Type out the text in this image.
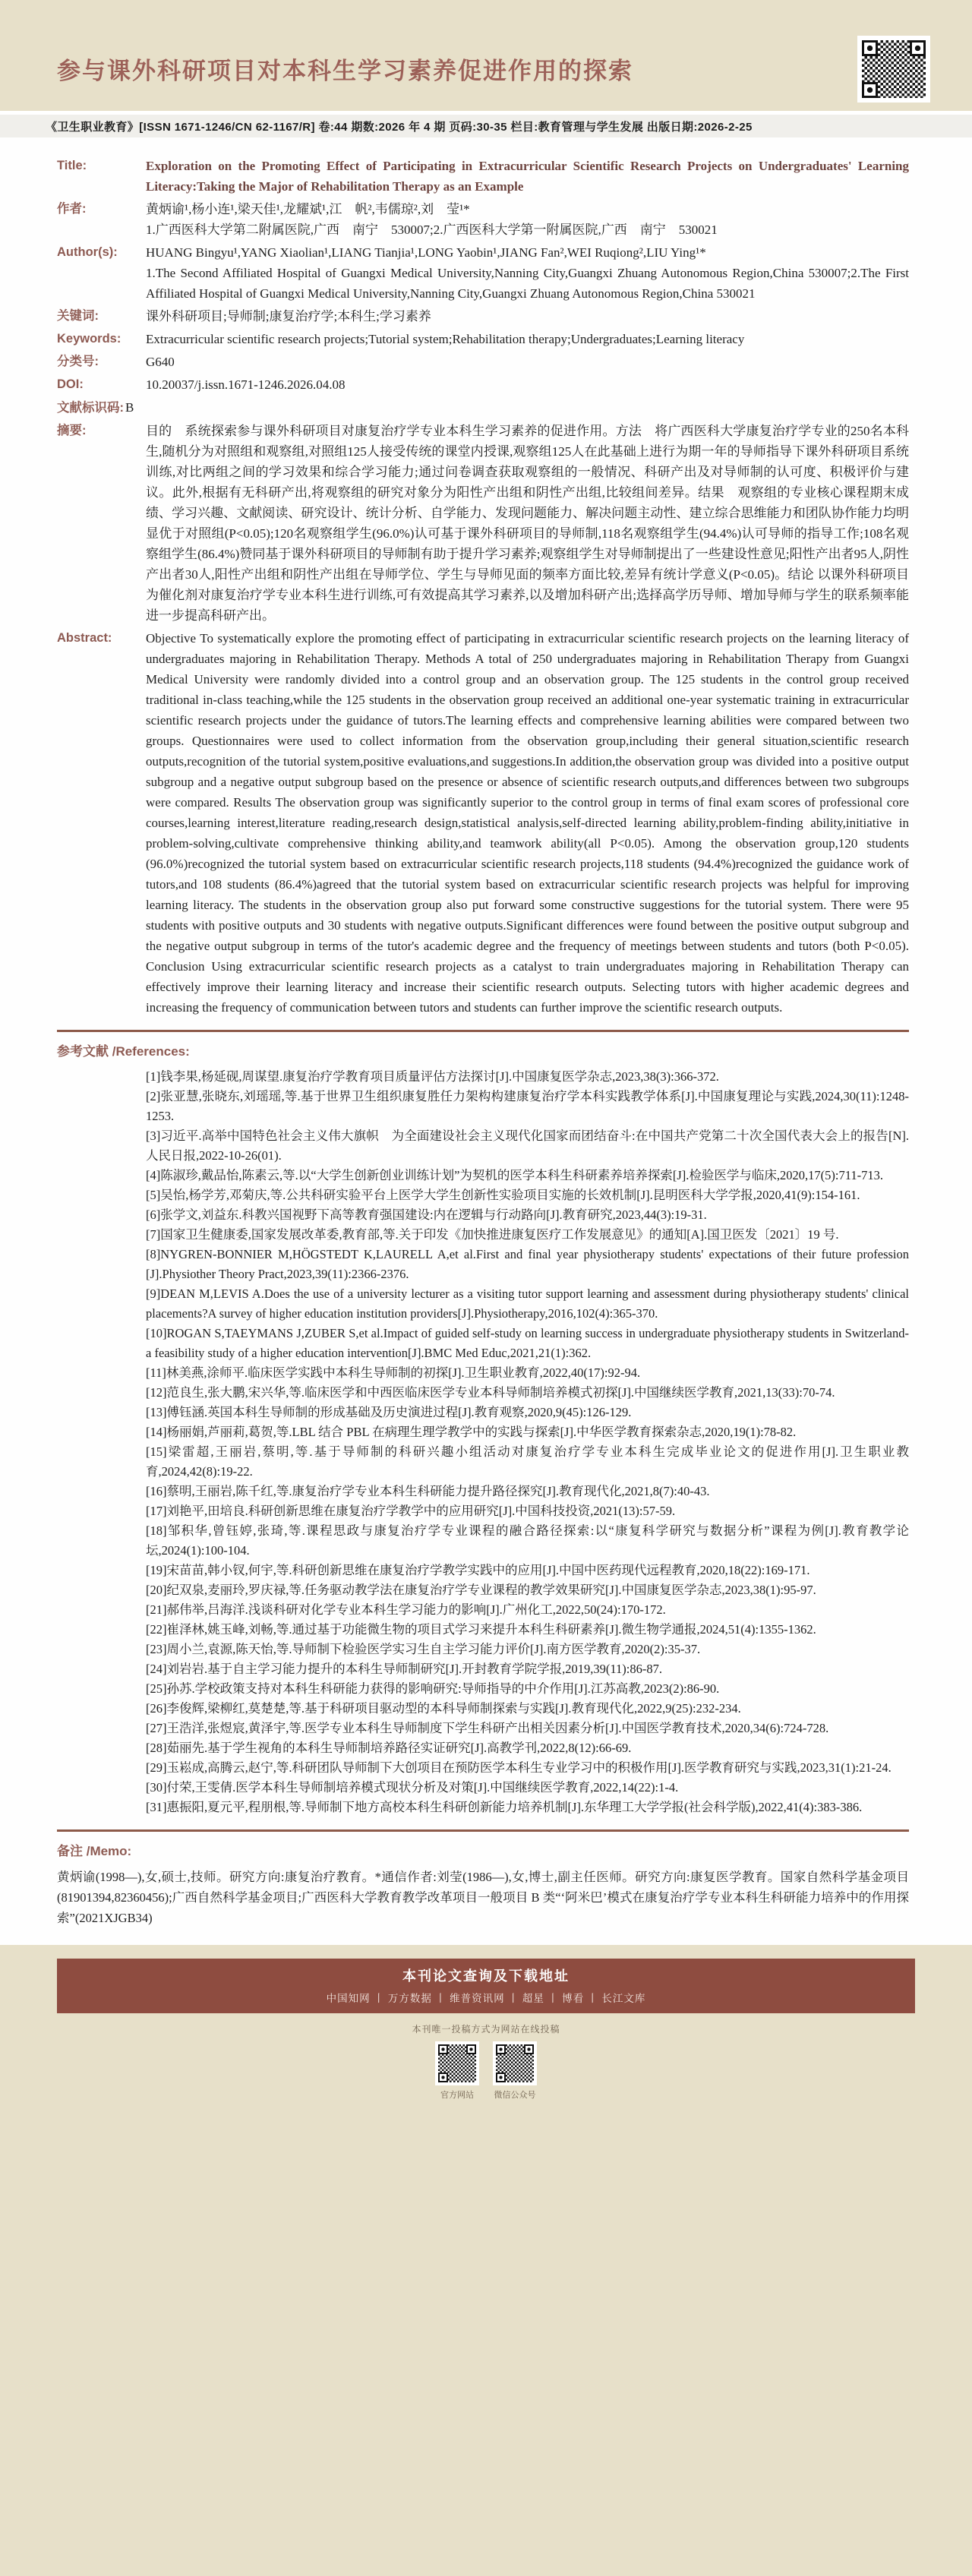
参与课外科研项目对本科生学习素养促进作用的探索
《卫生职业教育》[ISSN 1671-1246/CN 62-1167/R] 卷:44 期数:2026 年 4 期 页码:30-35 栏目:教育管理与学生发展 出版日期:2026-2-25
Title:	Exploration on the Promoting Effect of Participating in Extracurricular Scientific Research Projects on Undergraduates' Learning Literacy:Taking the Major of Rehabilitation Therapy as an Example
作者:	黄炳谕¹,杨小连¹,梁天佳¹,龙耀斌¹,江　帆²,韦儒琼²,刘　莹¹*
1.广西医科大学第二附属医院,广西　南宁　530007;2.广西医科大学第一附属医院,广西　南宁　530021
Author(s):	HUANG Bingyu¹,YANG Xiaolian¹,LIANG Tianjia¹,LONG Yaobin¹,JIANG Fan²,WEI Ruqiong²,LIU Ying¹*
1.The Second Affiliated Hospital of Guangxi Medical University,Nanning City,Guangxi Zhuang Autonomous Region,China 530007;2.The First Affiliated Hospital of Guangxi Medical University,Nanning City,Guangxi Zhuang Autonomous Region,China 530021
关键词:	课外科研项目;导师制;康复治疗学;本科生;学习素养
Keywords:	Extracurricular scientific research projects;Tutorial system;Rehabilitation therapy;Undergraduates;Learning literacy
分类号:	G640
DOI:	10.20037/j.issn.1671-1246.2026.04.08
文献标识码: B
摘要:	目的　系统探索参与课外科研项目对康复治疗学专业本科生学习素养的促进作用。方法　将广西医科大学康复治疗学专业的250名本科生,随机分为对照组和观察组,对照组125人接受传统的课堂内授课,观察组125人在此基础上进行为期一年的导师指导下课外科研项目系统训练,对比两组之间的学习效果和综合学习能力;通过问卷调查获取观察组的一般情况、科研产出及对导师制的认可度、积极评价与建议。此外,根据有无科研产出,将观察组的研究对象分为阳性产出组和阴性产出组,比较组间差异。结果　观察组的专业核心课程期末成绩、学习兴趣、文献阅读、研究设计、统计分析、自学能力、发现问题能力、解决问题主动性、建立综合思维能力和团队协作能力均明显优于对照组(P<0.05);120名观察组学生(96.0%)认可基于课外科研项目的导师制,118名观察组学生(94.4%)认可导师的指导工作;108名观察组学生(86.4%)赞同基于课外科研项目的导师制有助于提升学习素养;观察组学生对导师制提出了一些建设性意见;阳性产出者95人,阴性产出者30人,阳性产出组和阴性产出组在导师学位、学生与导师见面的频率方面比较,差异有统计学意义(P<0.05)。结论 以课外科研项目为催化剂对康复治疗学专业本科生进行训练,可有效提高其学习素养,以及增加科研产出;选择高学历导师、增加导师与学生的联系频率能进一步提高科研产出。
Abstract:	Objective To systematically explore the promoting effect of participating in extracurricular scientific research projects on the learning literacy of undergraduates majoring in Rehabilitation Therapy. Methods A total of 250 undergraduates majoring in Rehabilitation Therapy from Guangxi Medical University were randomly divided into a control group and an observation group. The 125 students in the control group received traditional in-class teaching,while the 125 students in the observation group received an additional one-year systematic training in extracurricular scientific research projects under the guidance of tutors.The learning effects and comprehensive learning abilities were compared between two groups. Questionnaires were used to collect information from the observation group,including their general situation,scientific research outputs,recognition of the tutorial system,positive evaluations,and suggestions.In addition,the observation group was divided into a positive output subgroup and a negative output subgroup based on the presence or absence of scientific research outputs,and differences between two subgroups were compared. Results The observation group was significantly superior to the control group in terms of final exam scores of professional core courses,learning interest,literature reading,research design,statistical analysis,self-directed learning ability,problem-finding ability,initiative in problem-solving,cultivate comprehensive thinking ability,and teamwork ability(all P<0.05). Among the observation group,120 students (96.0%)recognized the tutorial system based on extracurricular scientific research projects,118 students (94.4%)recognized the guidance work of tutors,and 108 students (86.4%)agreed that the tutorial system based on extracurricular scientific research projects was helpful for improving learning literacy. The students in the observation group also put forward some constructive suggestions for the tutorial system. There were 95 students with positive outputs and 30 students with negative outputs.Significant differences were found between the positive output subgroup and the negative output subgroup in terms of the tutor's academic degree and the frequency of meetings between students and tutors (both P<0.05). Conclusion Using extracurricular scientific research projects as a catalyst to train undergraduates majoring in Rehabilitation Therapy can effectively improve their learning literacy and increase their scientific research outputs. Selecting tutors with higher academic degrees and increasing the frequency of communication between tutors and students can further improve the scientific research outputs.
参考文献 /References:
[1]钱李果,杨延砚,周谋望.康复治疗学教育项目质量评估方法探讨[J].中国康复医学杂志,2023,38(3):366-372.
[2]张亚慧,张晓东,刘瑶瑶,等.基于世界卫生组织康复胜任力架构构建康复治疗学本科实践教学体系[J].中国康复理论与实践,2024,30(11):1248-1253.
[3]习近平.高举中国特色社会主义伟大旗帜　为全面建设社会主义现代化国家而团结奋斗:在中国共产党第二十次全国代表大会上的报告[N].人民日报,2022-10-26(01).
[4]陈淑珍,戴品怡,陈素云,等.以“大学生创新创业训练计划”为契机的医学本科生科研素养培养探索[J].检验医学与临床,2020,17(5):711-713.
[5]吴怡,杨学芳,邓菊庆,等.公共科研实验平台上医学大学生创新性实验项目实施的长效机制[J].昆明医科大学学报,2020,41(9):154-161.
[6]张学文,刘益东.科教兴国视野下高等教育强国建设:内在逻辑与行动路向[J].教育研究,2023,44(3):19-31.
[7]国家卫生健康委,国家发展改革委,教育部,等.关于印发《加快推进康复医疗工作发展意见》的通知[A].国卫医发〔2021〕19 号.
[8]NYGREN-BONNIER M,HÖGSTEDT K,LAURELL A,et al.First and final year physiotherapy students' expectations of their future profession [J].Physiother Theory Pract,2023,39(11):2366-2376.
[9]DEAN M,LEVIS A.Does the use of a university lecturer as a visiting tutor support learning and assessment during physiotherapy students' clinical placements?A survey of higher education institution providers[J].Physiotherapy,2016,102(4):365-370.
[10]ROGAN S,TAEYMANS J,ZUBER S,et al.Impact of guided self-study on learning success in undergraduate physiotherapy students in Switzerland-a feasibility study of a higher education intervention[J].BMC Med Educ,2021,21(1):362.
[11]林美燕,涂师平.临床医学实践中本科生导师制的初探[J].卫生职业教育,2022,40(17):92-94.
[12]范良生,张大鹏,宋兴华,等.临床医学和中西医临床医学专业本科导师制培养模式初探[J].中国继续医学教育,2021,13(33):70-74.
[13]傅钰涵.英国本科生导师制的形成基础及历史演进过程[J].教育观察,2020,9(45):126-129.
[14]杨丽娟,芦丽莉,葛贺,等.LBL 结合 PBL 在病理生理学教学中的实践与探索[J].中华医学教育探索杂志,2020,19(1):78-82.
[15]梁雷超,王丽岩,蔡明,等.基于导师制的科研兴趣小组活动对康复治疗学专业本科生完成毕业论文的促进作用[J].卫生职业教育,2024,42(8):19-22.
[16]蔡明,王丽岩,陈千红,等.康复治疗学专业本科生科研能力提升路径探究[J].教育现代化,2021,8(7):40-43.
[17]刘艳平,田培良.科研创新思维在康复治疗学教学中的应用研究[J].中国科技投资,2021(13):57-59.
[18]邹积华,曾钰婷,张琦,等.课程思政与康复治疗学专业课程的融合路径探索:以“康复科学研究与数据分析”课程为例[J].教育教学论坛,2024(1):100-104.
[19]宋苗苗,韩小钗,何宇,等.科研创新思维在康复治疗学教学实践中的应用[J].中国中医药现代远程教育,2020,18(22):169-171.
[20]纪双泉,麦丽玲,罗庆禄,等.任务驱动教学法在康复治疗学专业课程的教学效果研究[J].中国康复医学杂志,2023,38(1):95-97.
[21]郝伟举,吕海洋.浅谈科研对化学专业本科生学习能力的影响[J].广州化工,2022,50(24):170-172.
[22]崔泽林,姚玉峰,刘畅,等.通过基于功能微生物的项目式学习来提升本科生科研素养[J].微生物学通报,2024,51(4):1355-1362.
[23]周小兰,袁源,陈天怡,等.导师制下检验医学实习生自主学习能力评价[J].南方医学教育,2020(2):35-37.
[24]刘岩岩.基于自主学习能力提升的本科生导师制研究[J].开封教育学院学报,2019,39(11):86-87.
[25]孙苏.学校政策支持对本科生科研能力获得的影响研究:导师指导的中介作用[J].江苏高教,2023(2):86-90.
[26]李俊辉,梁柳红,莫楚楚,等.基于科研项目驱动型的本科导师制探索与实践[J].教育现代化,2022,9(25):232-234.
[27]王浩洋,张煜宸,黄泽宇,等.医学专业本科生导师制度下学生科研产出相关因素分析[J].中国医学教育技术,2020,34(6):724-728.
[28]茹丽先.基于学生视角的本科生导师制培养路径实证研究[J].高教学刊,2022,8(12):66-69.
[29]玉崧成,高腾云,赵宁,等.科研团队导师制下大创项目在预防医学本科生专业学习中的积极作用[J].医学教育研究与实践,2023,31(1):21-24.
[30]付荣,王雯倩.医学本科生导师制培养模式现状分析及对策[J].中国继续医学教育,2022,14(22):1-4.
[31]惠振阳,夏元平,程朋根,等.导师制下地方高校本科生科研创新能力培养机制[J].东华理工大学学报(社会科学版),2022,41(4):383-386.
备注 /Memo:

黄炳谕(1998—),女,硕士,技师。研究方向:康复治疗教育。*通信作者:刘莹(1986—),女,博士,副主任医师。研究方向:康复医学教育。国家自然科学基金项目(81901394,82360456);广西自然科学基金项目;广西医科大学教育教学改革项目一般项目 B 类“‘阿米巴’模式在康复治疗学专业本科生科研能力培养中的作用探索”(2021XJGB34)

本刊论文查询及下载地址
中国知网 丨 万方数据 丨 维普资讯网 丨 超星 丨 博看 丨 长江文库
本刊唯一投稿方式为网站在线投稿
官方网站	微信公众号
